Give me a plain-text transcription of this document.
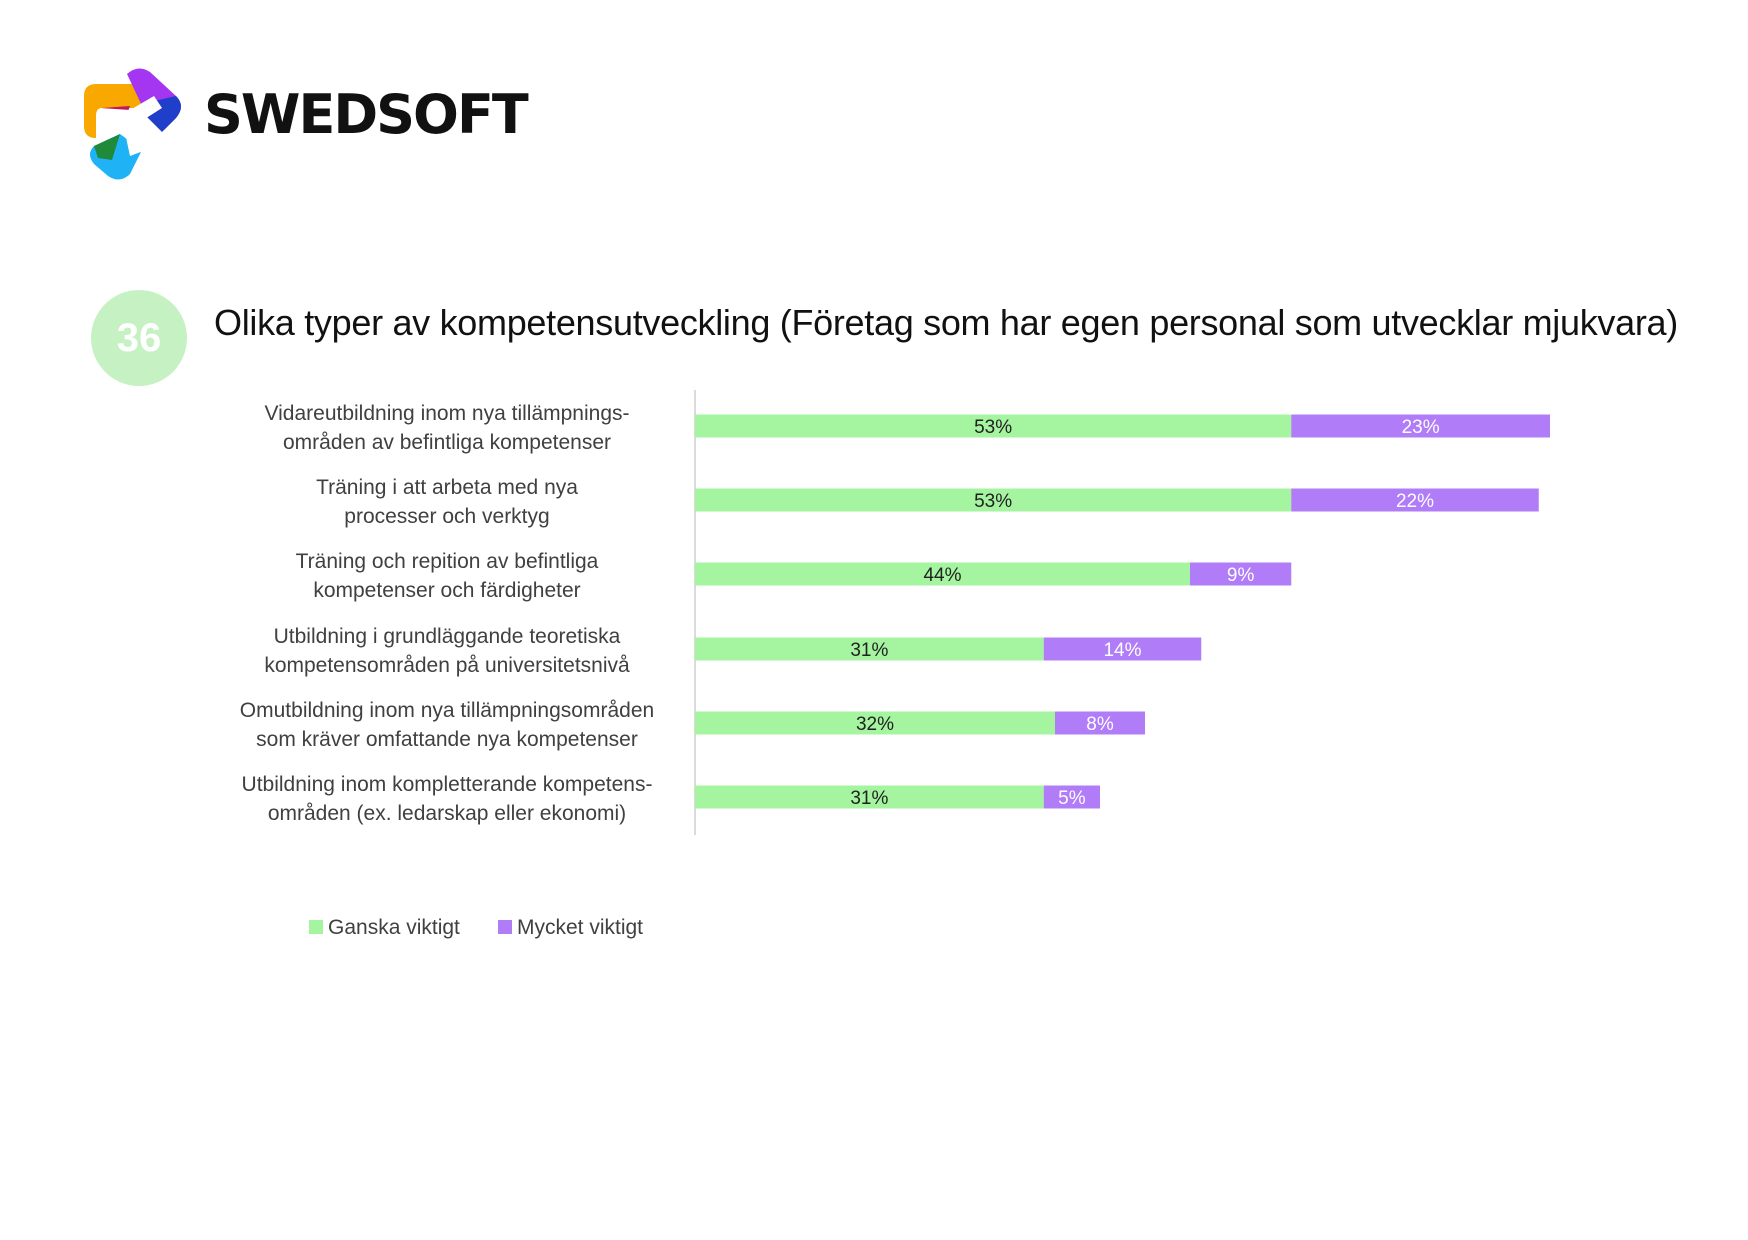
SWEDSOFT
36	Olika typer av kompetensutveckling (Företag som har egen personal som utvecklar mjukvara)
Vidareutbildning inom nya tillämpnings-områden av befintliga kompetenser
Träning i att arbeta med nya processer och verktyg
Träning och repition av befintliga kompetenser och färdigheter
Utbildning i grundläggande teoretiska kompetensområden på universitetsnivå
Omutbildning inom nya tillämpningsområden som kräver omfattande nya kompetenser
Utbildning inom kompletterande kompetens-områden (ex. ledarskap eller ekonomi)
53%	23%
53%	22%
44%	9%
31%	14%
32%	8%
31%	5%
Ganska viktigt	Mycket viktigt
